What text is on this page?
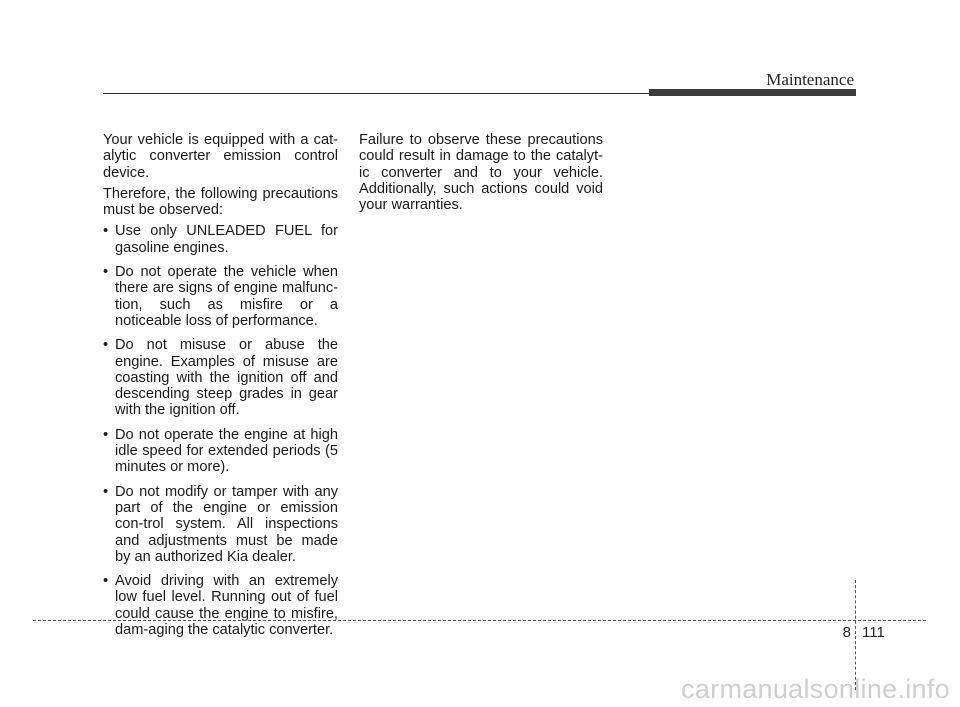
Maintenance

Your vehicle is equipped with a cat-alytic converter emission control device.

Therefore, the following precautions must be observed:

• Use only UNLEADED FUEL for gasoline engines.
• Do not operate the vehicle when there are signs of engine malfunc-tion, such as misfire or a noticeable loss of performance.
• Do not misuse or abuse the engine. Examples of misuse are coasting with the ignition off and descending steep grades in gear with the ignition off.
• Do not operate the engine at high idle speed for extended periods (5 minutes or more).
• Do not modify or tamper with any part of the engine or emission con-trol system. All inspections and adjustments must be made by an authorized Kia dealer.
• Avoid driving with an extremely low fuel level. Running out of fuel could cause the engine to misfire, dam-aging the catalytic converter.

Failure to observe these precautions could result in damage to the catalyt-ic converter and to your vehicle. Additionally, such actions could void your warranties.

8 111
carmanualsonline.info
